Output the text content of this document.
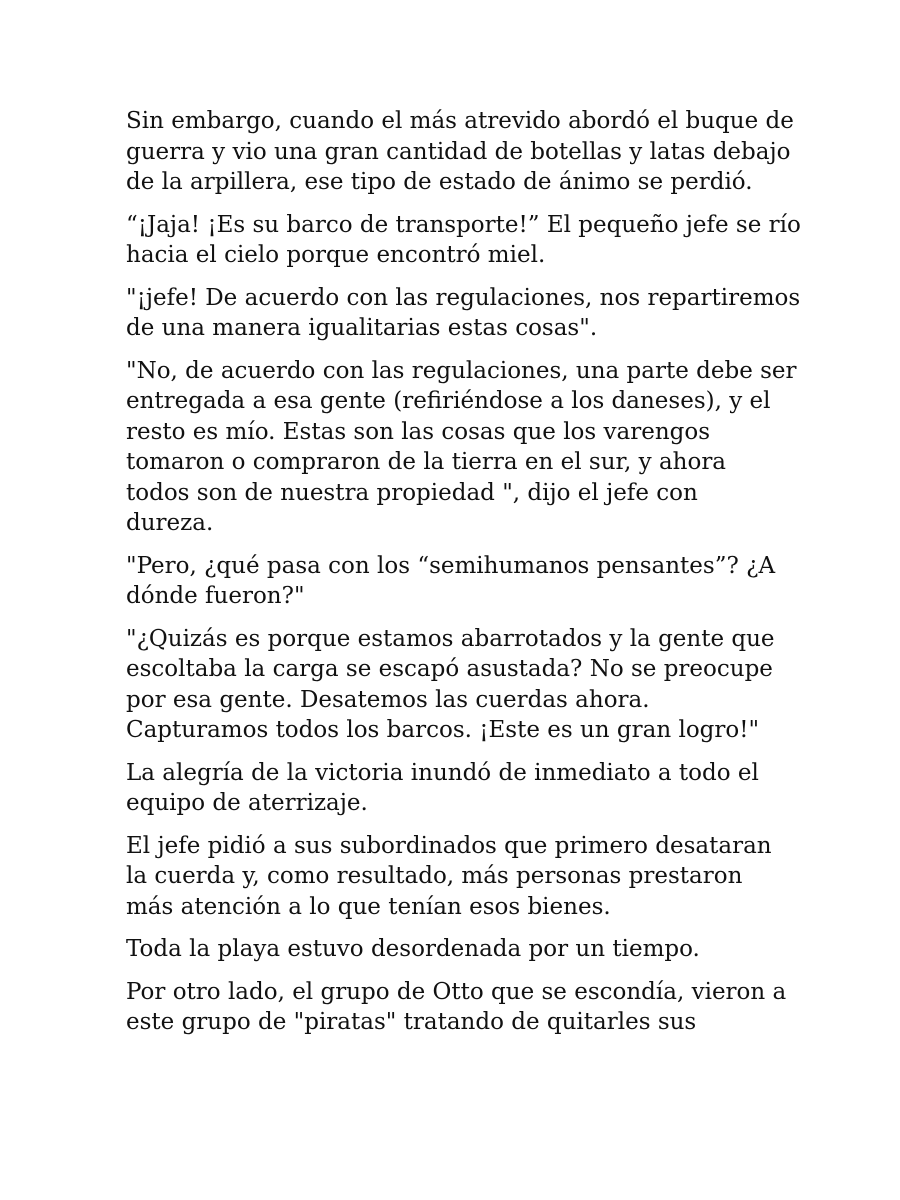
Sin embargo, cuando el más atrevido abordó el buque de
guerra y vio una gran cantidad de botellas y latas debajo
de la arpillera, ese tipo de estado de ánimo se perdió.

“¡Jaja! ¡Es su barco de transporte!” El pequeño jefe se río
hacia el cielo porque encontró miel.

"¡jefe! De acuerdo con las regulaciones, nos repartiremos
de una manera igualitarias estas cosas".

"No, de acuerdo con las regulaciones, una parte debe ser
entregada a esa gente (refiriéndose a los daneses), y el
resto es mío. Estas son las cosas que los varengos
tomaron o compraron de la tierra en el sur, y ahora
todos son de nuestra propiedad ", dijo el jefe con
dureza.

"Pero, ¿qué pasa con los “semihumanos pensantes”? ¿A
dónde fueron?"

"¿Quizás es porque estamos abarrotados y la gente que
escoltaba la carga se escapó asustada? No se preocupe
por esa gente. Desatemos las cuerdas ahora.
Capturamos todos los barcos. ¡Este es un gran logro!"

La alegría de la victoria inundó de inmediato a todo el
equipo de aterrizaje.

El jefe pidió a sus subordinados que primero desataran
la cuerda y, como resultado, más personas prestaron
más atención a lo que tenían esos bienes.

Toda la playa estuvo desordenada por un tiempo.

Por otro lado, el grupo de Otto que se escondía, vieron a
este grupo de "piratas" tratando de quitarles sus
